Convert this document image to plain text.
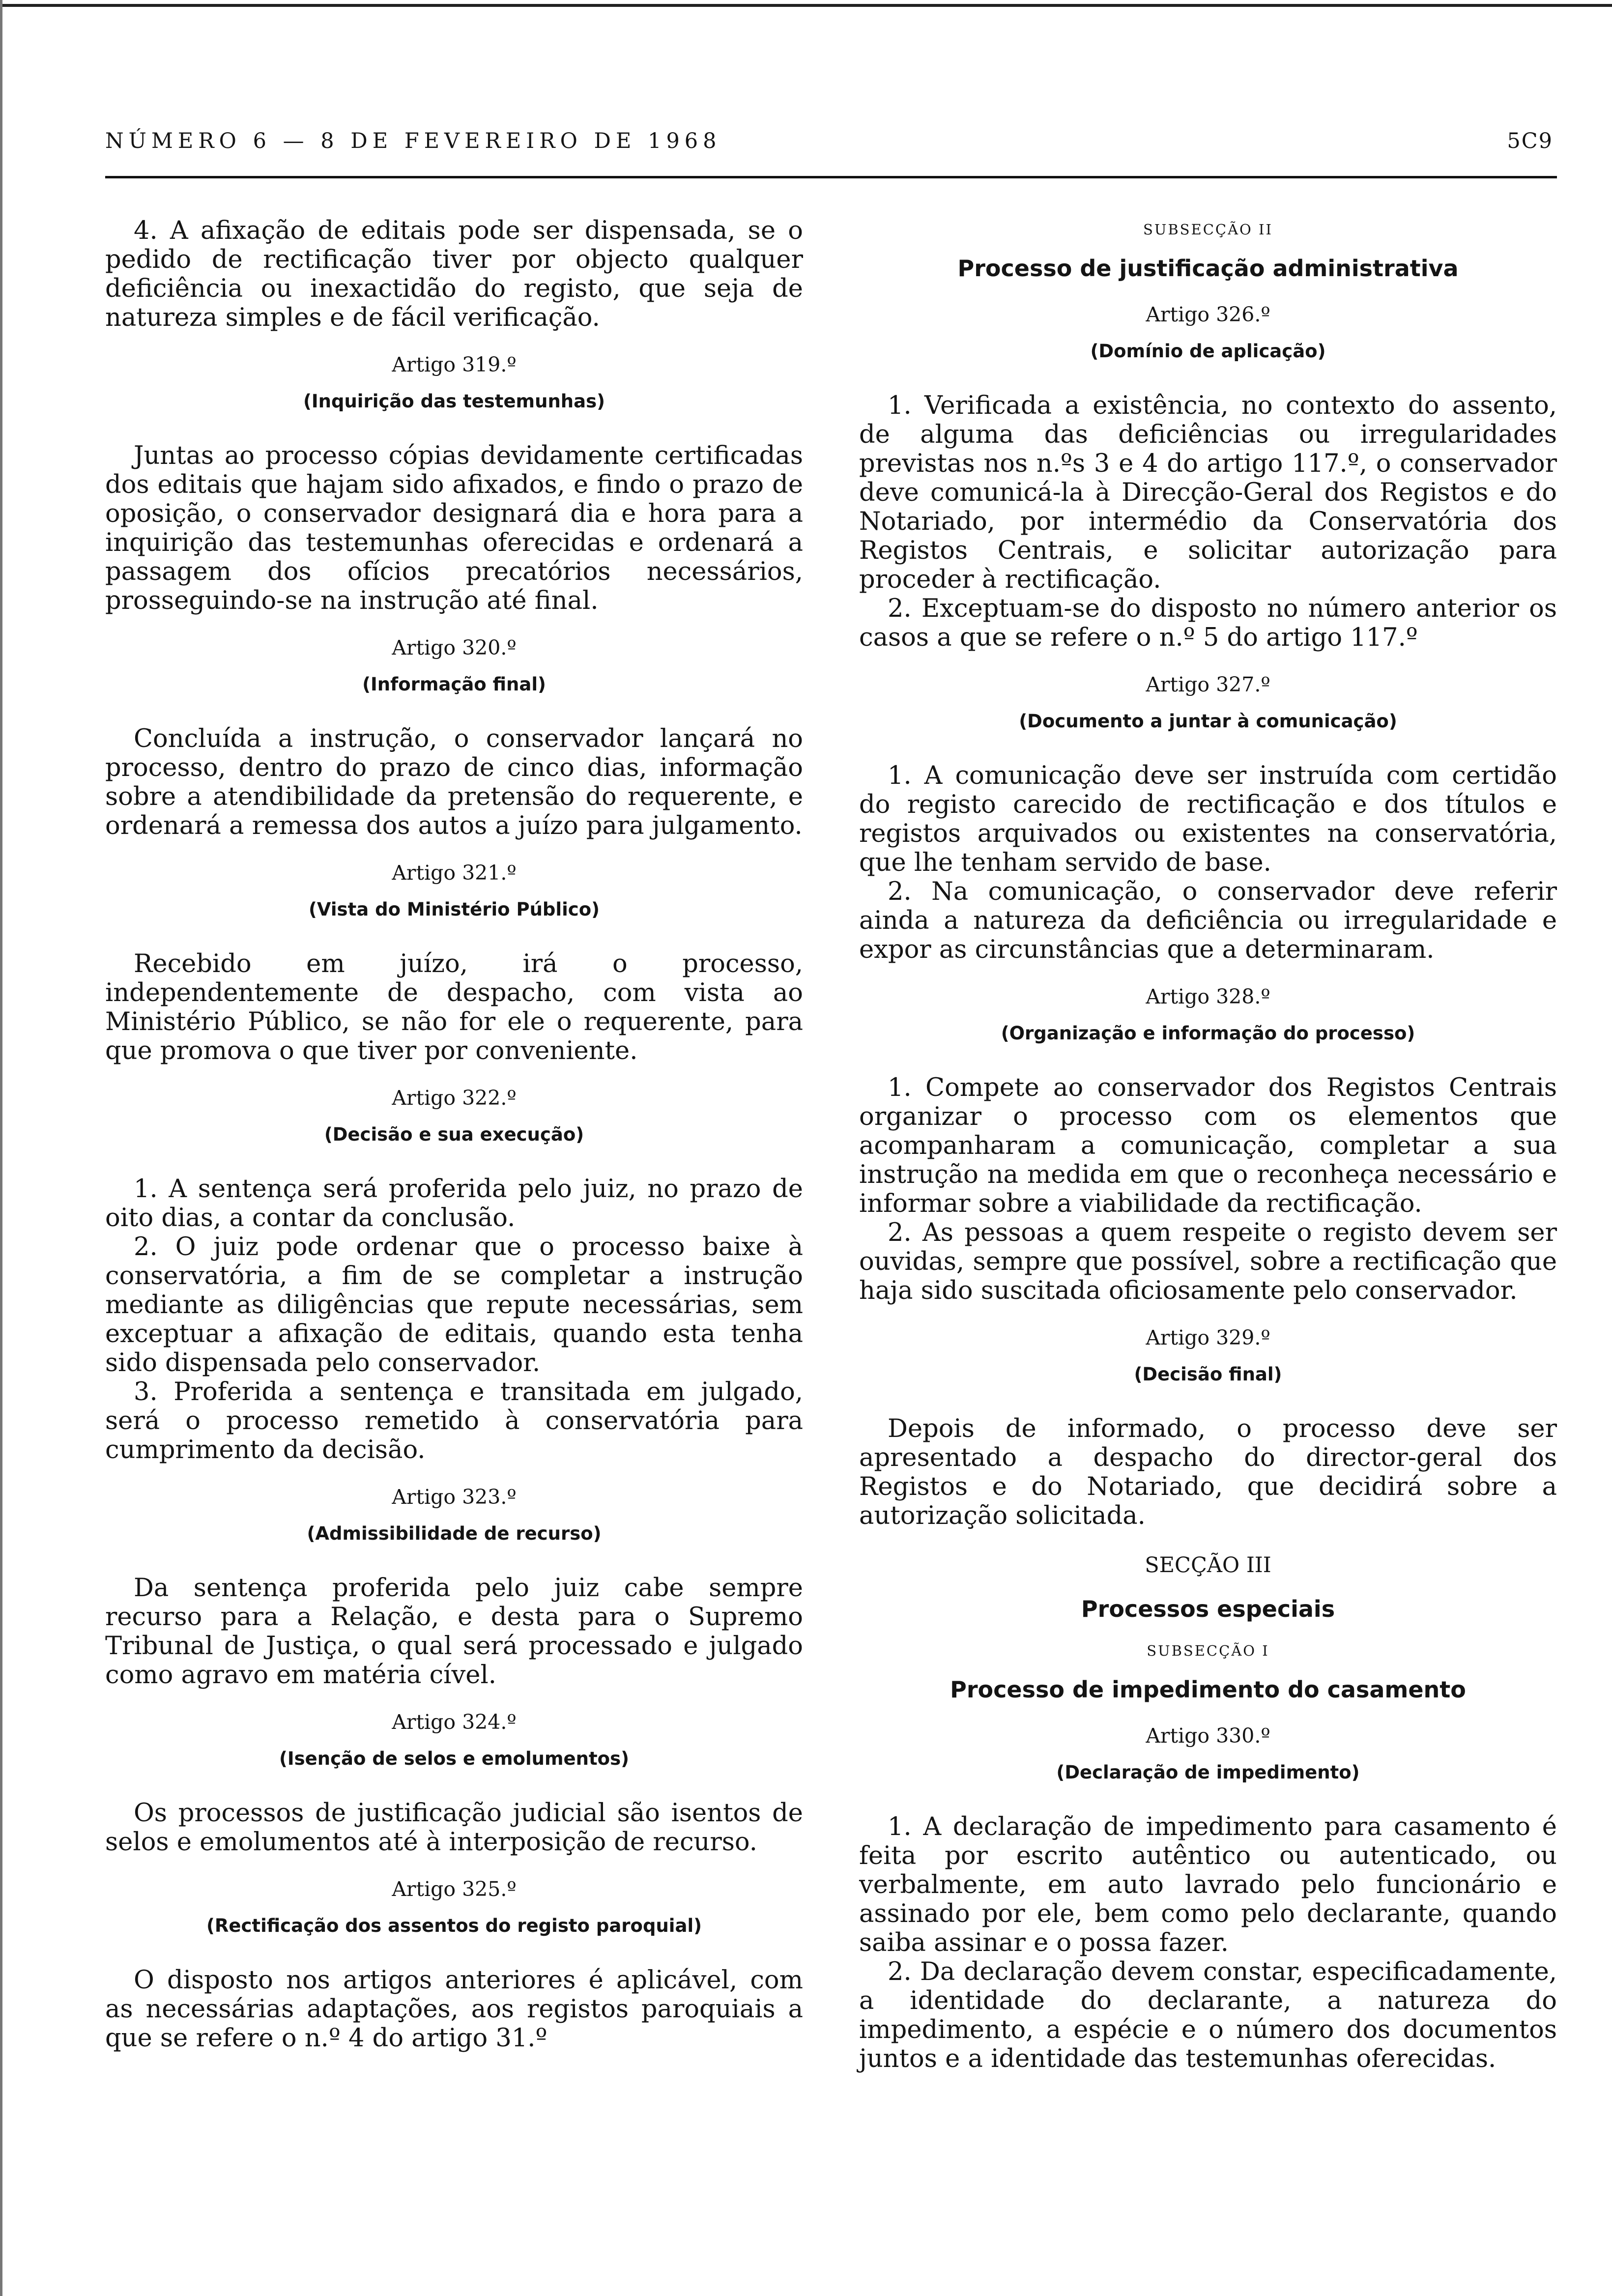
NÚMERO 6 — 8 DE FEVEREIRO DE 1968	5C9

4. A afixação de editais pode ser dispensada, se o pedido de rectificação tiver por objecto qualquer deficiência ou inexactidão do registo, que seja de natureza simples e de fácil verificação.

Artigo 319.º
(Inquirição das testemunhas)

Juntas ao processo cópias devidamente certificadas dos editais que hajam sido afixados, e findo o prazo de oposição, o conservador designará dia e hora para a inquirição das testemunhas oferecidas e ordenará a passagem dos ofícios precatórios necessários, prosseguindo-se na instrução até final.

Artigo 320.º
(Informação final)

Concluída a instrução, o conservador lançará no processo, dentro do prazo de cinco dias, informação sobre a atendibilidade da pretensão do requerente, e ordenará a remessa dos autos a juízo para julgamento.

Artigo 321.º
(Vista do Ministério Público)

Recebido em juízo, irá o processo, independentemente de despacho, com vista ao Ministério Público, se não for ele o requerente, para que promova o que tiver por conveniente.

Artigo 322.º
(Decisão e sua execução)

1. A sentença será proferida pelo juiz, no prazo de oito dias, a contar da conclusão.

2. O juiz pode ordenar que o processo baixe à conservatória, a fim de se completar a instrução mediante as diligências que repute necessárias, sem exceptuar a afixação de editais, quando esta tenha sido dispensada pelo conservador.

3. Proferida a sentença e transitada em julgado, será o processo remetido à conservatória para cumprimento da decisão.

Artigo 323.º
(Admissibilidade de recurso)

Da sentença proferida pelo juiz cabe sempre recurso para a Relação, e desta para o Supremo Tribunal de Justiça, o qual será processado e julgado como agravo em matéria cível.

Artigo 324.º
(Isenção de selos e emolumentos)

Os processos de justificação judicial são isentos de selos e emolumentos até à interposição de recurso.

Artigo 325.º
(Rectificação dos assentos do registo paroquial)

O disposto nos artigos anteriores é aplicável, com as necessárias adaptações, aos registos paroquiais a que se refere o n.º 4 do artigo 31.º

SUBSECÇÃO II
Processo de justificação administrativa
Artigo 326.º
(Domínio de aplicação)

1. Verificada a existência, no contexto do assento, de alguma das deficiências ou irregularidades previstas nos n.ºs 3 e 4 do artigo 117.º, o conservador deve comunicá-la à Direcção-Geral dos Registos e do Notariado, por intermédio da Conservatória dos Registos Centrais, e solicitar autorização para proceder à rectificação.

2. Exceptuam-se do disposto no número anterior os casos a que se refere o n.º 5 do artigo 117.º

Artigo 327.º
(Documento a juntar à comunicação)

1. A comunicação deve ser instruída com certidão do registo carecido de rectificação e dos títulos e registos arquivados ou existentes na conservatória, que lhe tenham servido de base.

2. Na comunicação, o conservador deve referir ainda a natureza da deficiência ou irregularidade e expor as circunstâncias que a determinaram.

Artigo 328.º
(Organização e informação do processo)

1. Compete ao conservador dos Registos Centrais organizar o processo com os elementos que acompanharam a comunicação, completar a sua instrução na medida em que o reconheça necessário e informar sobre a viabilidade da rectificação.

2. As pessoas a quem respeite o registo devem ser ouvidas, sempre que possível, sobre a rectificação que haja sido suscitada oficiosamente pelo conservador.

Artigo 329.º
(Decisão final)

Depois de informado, o processo deve ser apresentado a despacho do director-geral dos Registos e do Notariado, que decidirá sobre a autorização solicitada.

SECÇÃO III
Processos especiais
SUBSECÇÃO I
Processo de impedimento do casamento
Artigo 330.º
(Declaração de impedimento)

1. A declaração de impedimento para casamento é feita por escrito autêntico ou autenticado, ou verbalmente, em auto lavrado pelo funcionário e assinado por ele, bem como pelo declarante, quando saiba assinar e o possa fazer.

2. Da declaração devem constar, especificadamente, a identidade do declarante, a natureza do impedimento, a espécie e o número dos documentos juntos e a identidade das testemunhas oferecidas.
